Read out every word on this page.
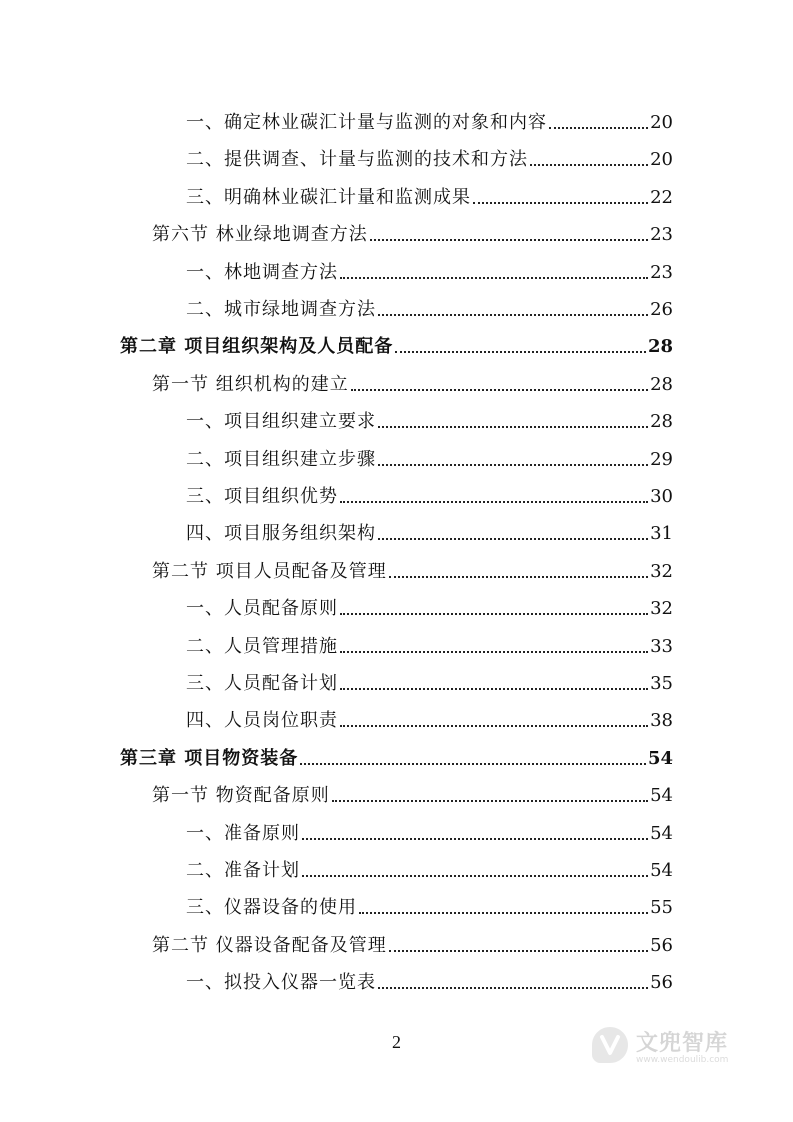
一、确定林业碳汇计量与监测的对象和内容	20
二、提供调查、计量与监测的技术和方法	20
三、明确林业碳汇计量和监测成果	22
第六节 林业绿地调查方法	23
一、林地调查方法	23
二、城市绿地调查方法	26
第二章 项目组织架构及人员配备	28
第一节 组织机构的建立	28
一、项目组织建立要求	28
二、项目组织建立步骤	29
三、项目组织优势	30
四、项目服务组织架构	31
第二节 项目人员配备及管理	32
一、人员配备原则	32
二、人员管理措施	33
三、人员配备计划	35
四、人员岗位职责	38
第三章 项目物资装备	54
第一节 物资配备原则	54
一、准备原则	54
二、准备计划	54
三、仪器设备的使用	55
第二节 仪器设备配备及管理	56
一、拟投入仪器一览表	56
2	文兜智库
www.wendoulib.com
